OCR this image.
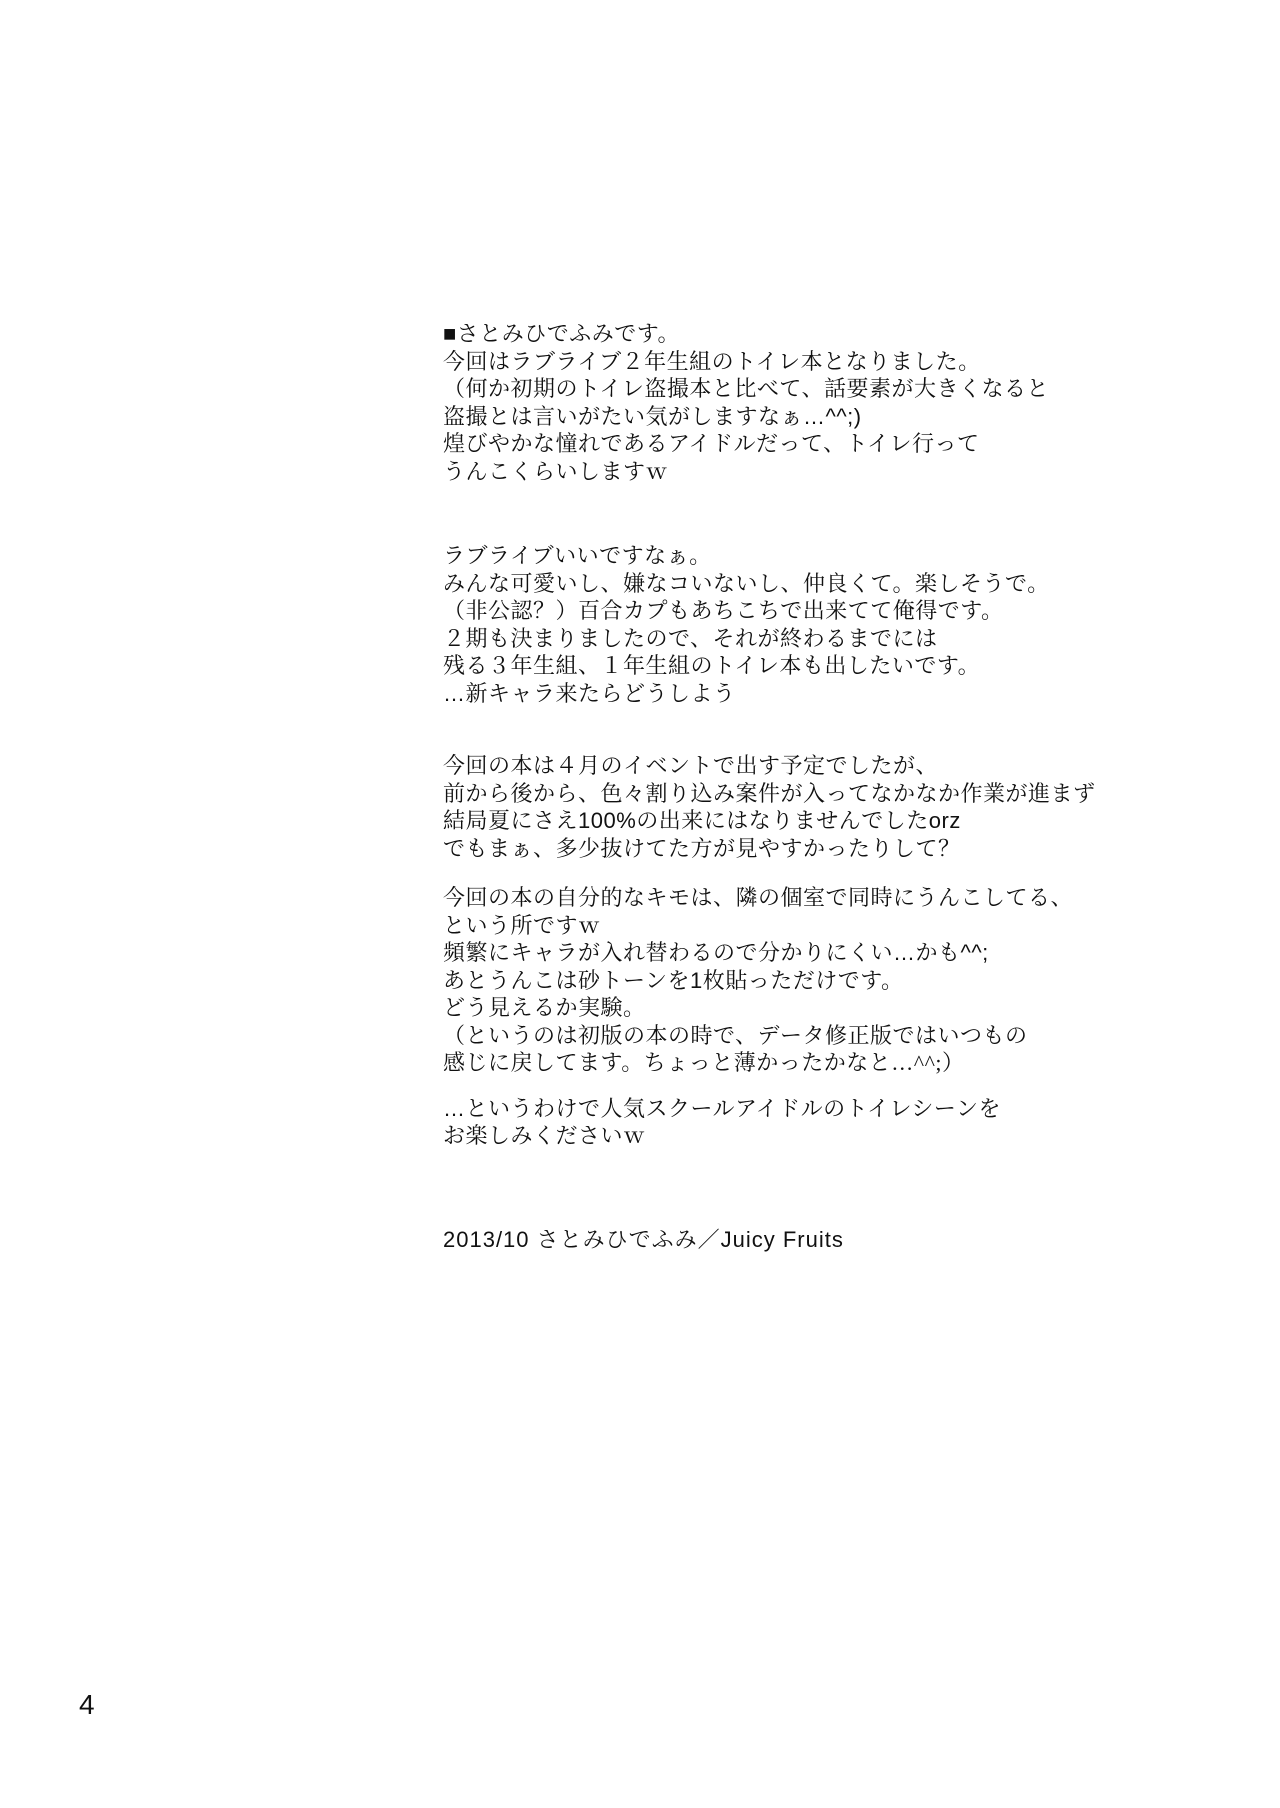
■さとみひでふみです。
今回はラブライブ２年生組のトイレ本となりました。
（何か初期のトイレ盗撮本と比べて、話要素が大きくなると
盗撮とは言いがたい気がしますなぁ…^^;)
煌びやかな憧れであるアイドルだって、トイレ行って
うんこくらいしますｗ
ラブライブいいですなぁ。
みんな可愛いし、嫌なコいないし、仲良くて。楽しそうで。
（非公認？）百合カプもあちこちで出来てて俺得です。
２期も決まりましたので、それが終わるまでには
残る３年生組、１年生組のトイレ本も出したいです。
…新キャラ来たらどうしよう
今回の本は４月のイベントで出す予定でしたが、
前から後から、色々割り込み案件が入ってなかなか作業が進まず
結局夏にさえ100%の出来にはなりませんでしたorz
でもまぁ、多少抜けてた方が見やすかったりして？
今回の本の自分的なキモは、隣の個室で同時にうんこしてる、
という所ですｗ
頻繁にキャラが入れ替わるので分かりにくい…かも^^;
あとうんこは砂トーンを1枚貼っただけです。
どう見えるか実験。
（というのは初版の本の時で、データ修正版ではいつもの
感じに戻してます。ちょっと薄かったかなと…^^;）
…というわけで人気スクールアイドルのトイレシーンを
お楽しみくださいｗ
2013/10 さとみひでふみ／Juicy Fruits
4
